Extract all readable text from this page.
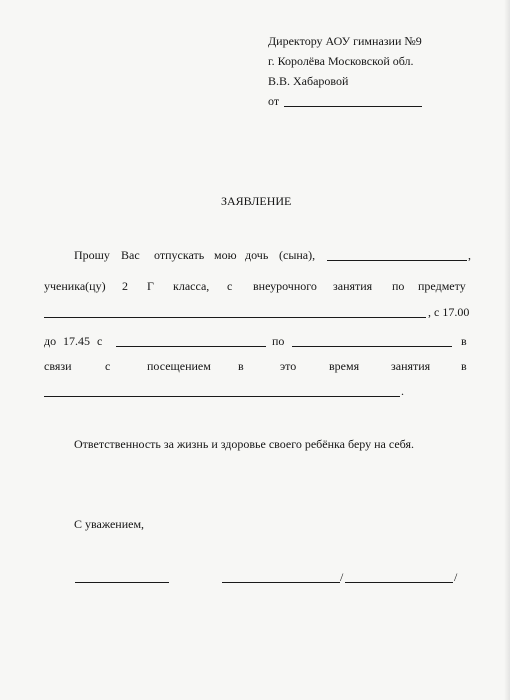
Директору АОУ гимназии №9
г. Королёва Московской обл.
В.В. Хабаровой
от
ЗАЯВЛЕНИЕ
Прошу Вас отпускать мою дочь (сына),	,
ученика(цу) 2 Г класса, с внеурочного занятия по предмету
, с 17.00
до 17.45 с	по	в
связи	с	посещением в	это	время	занятия	в
.
Ответственность за жизнь и здоровье своего ребёнка беру на себя.
С уважением,
/	/
